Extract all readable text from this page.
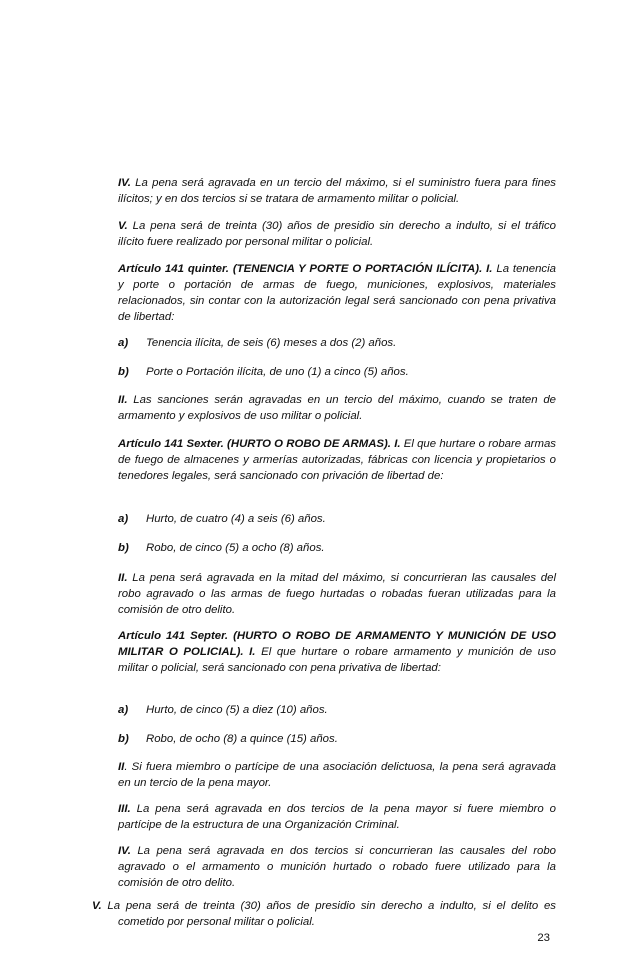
IV. La pena será agravada en un tercio del máximo, si el suministro fuera para fines ilícitos; y en dos tercios si se tratara de armamento militar o policial.

V. La pena será de treinta (30) años de presidio sin derecho a indulto, si el tráfico ilícito fuere realizado por personal militar o policial.

Artículo 141 quinter. (TENENCIA Y PORTE O PORTACIÓN ILÍCITA). I. La tenencia y porte o portación de armas de fuego, municiones, explosivos, materiales relacionados, sin contar con la autorización legal será sancionado con pena privativa de libertad:

a) Tenencia ilícita, de seis (6) meses a dos (2) años.

b) Porte o Portación ilícita, de uno (1) a cinco (5) años.

II. Las sanciones serán agravadas en un tercio del máximo, cuando se traten de armamento y explosivos de uso militar o policial.

Artículo 141 Sexter. (HURTO O ROBO DE ARMAS). I. El que hurtare o robare armas de fuego de almacenes y armerías autorizadas, fábricas con licencia y propietarios o tenedores legales, será sancionado con privación de libertad de:

a) Hurto, de cuatro (4) a seis (6) años.

b) Robo, de cinco (5) a ocho (8) años.

II. La pena será agravada en la mitad del máximo, si concurrieran las causales del robo agravado o las armas de fuego hurtadas o robadas fueran utilizadas para la comisión de otro delito.

Artículo 141 Septer. (HURTO O ROBO DE ARMAMENTO Y MUNICIÓN DE USO MILITAR O POLICIAL). I. El que hurtare o robare armamento y munición de uso militar o policial, será sancionado con pena privativa de libertad:

a) Hurto, de cinco (5) a diez (10) años.

b) Robo, de ocho (8) a quince (15) años.

II. Si fuera miembro o partícipe de una asociación delictuosa, la pena será agravada en un tercio de la pena mayor.

III. La pena será agravada en dos tercios de la pena mayor si fuere miembro o partícipe de la estructura de una Organización Criminal.

IV. La pena será agravada en dos tercios si concurrieran las causales del robo agravado o el armamento o munición hurtado o robado fuere utilizado para la comisión de otro delito.

V. La pena será de treinta (30) años de presidio sin derecho a indulto, si el delito es cometido por personal militar o policial.

23
